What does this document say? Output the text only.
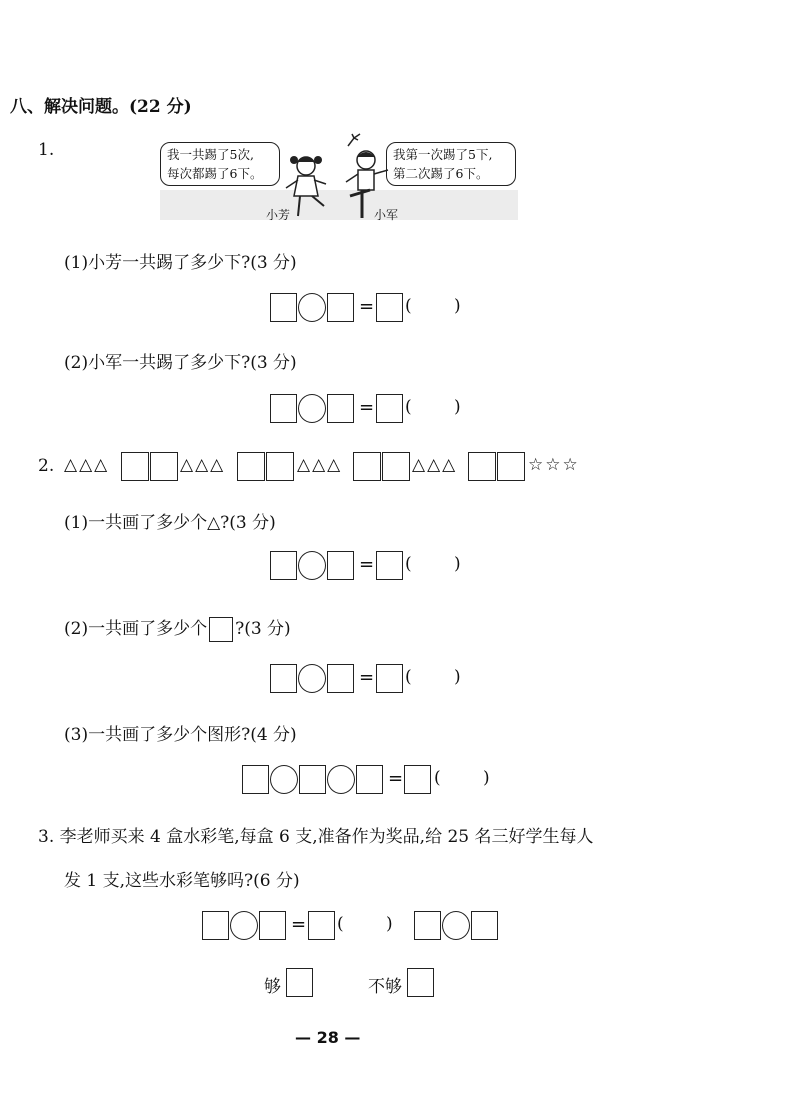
八、解决问题。(22 分)
1.	我一共踢了5次,
每次都踢了6下。
我第一次踢了5下,
第二次踢了6下。
小芳	小军
(1)小芳一共踢了多少下?(3 分)
= ( )
(2)小军一共踢了多少下?(3 分)
= ( )
2. △△△	△△△	△△△	△△△	☆☆☆
(1)一共画了多少个△?(3 分)
= ( )
(2)一共画了多少个 ?(3 分)
= ( )
(3)一共画了多少个图形?(4 分)
= ( )
3. 李老师买来 4 盒水彩笔,每盒 6 支,准备作为奖品,给 25 名三好学生每人
发 1 支,这些水彩笔够吗?(6 分)
= ( )
够	不够
— 28 —
